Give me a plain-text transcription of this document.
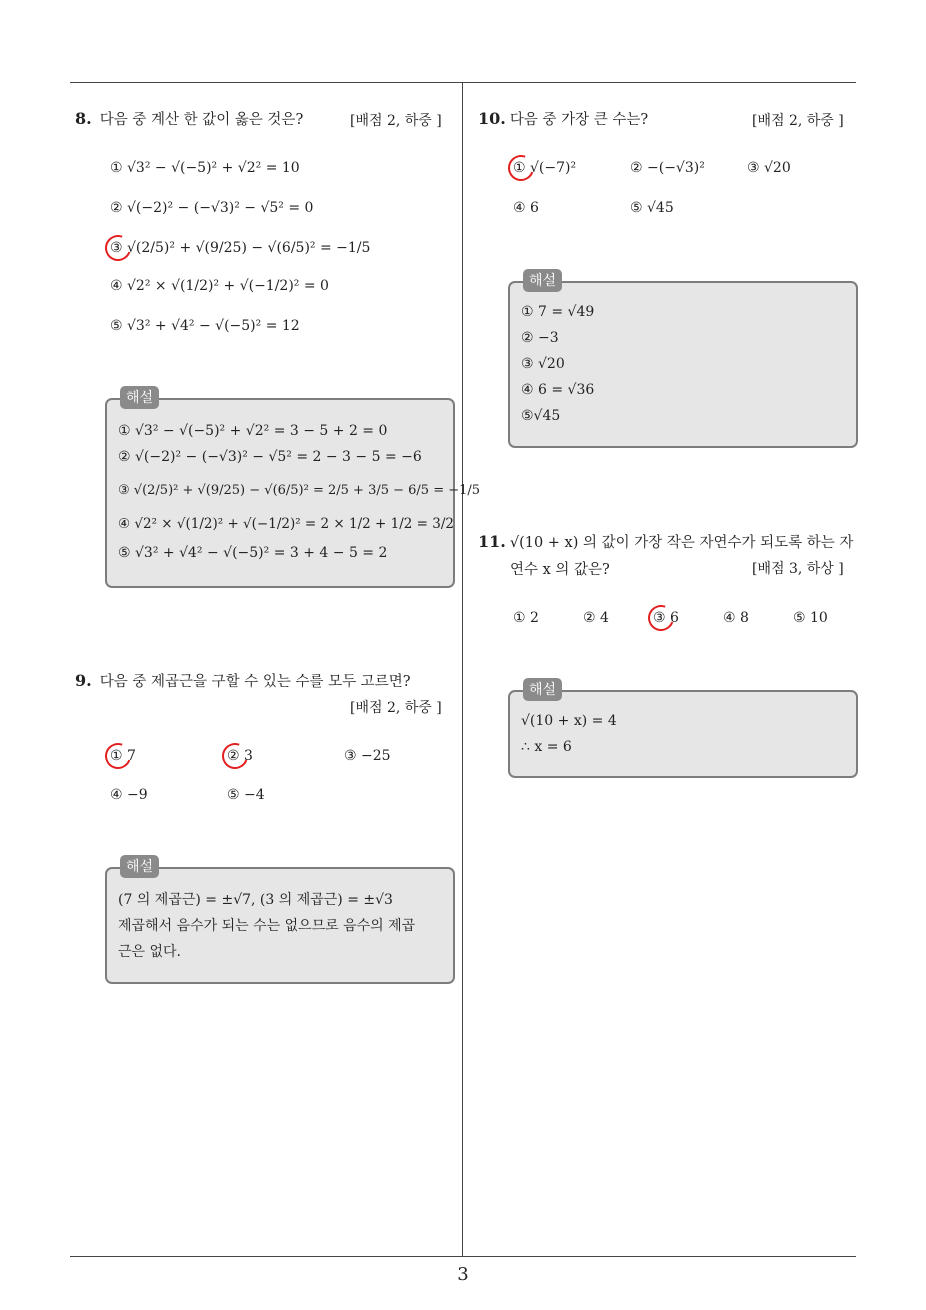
8. 다음 중 계산 한 값이 옳은 것은?	[배점 2, 하중 ]
① √3² − √(−5)² + √2² = 10
② √(−2)² − (−√3)² − √5² = 0
③ √(2/5)² + √(9/25) − √(6/5)² = −1/5
④ √2² × √(1/2)² + √(−1/2)² = 0
⑤ √3² + √4² − √(−5)² = 12
해설
① √3² − √(−5)² + √2² = 3 − 5 + 2 = 0
② √(−2)² − (−√3)² − √5² = 2 − 3 − 5 = −6
③ √(2/5)² + √(9/25) − √(6/5)² = 2/5 + 3/5 − 6/5 = −1/5
④ √2² × √(1/2)² + √(−1/2)² = 2 × 1/2 + 1/2 = 3/2
⑤ √3² + √4² − √(−5)² = 3 + 4 − 5 = 2
9. 다음 중 제곱근을 구할 수 있는 수를 모두 고르면?
[배점 2, 하중 ]
① 7	② 3	③ −25
④ −9	⑤ −4
해설
(7 의 제곱근) = ±√7, (3 의 제곱근) = ±√3
제곱해서 음수가 되는 수는 없으므로 음수의 제곱
근은 없다.
10. 다음 중 가장 큰 수는?	[배점 2, 하중 ]
① √(−7)²	② −(−√3)²	③ √20
④ 6	⑤ √45
해설
① 7 = √49
② −3
③ √20
④ 6 = √36
⑤√45
11. √(10 + x) 의 값이 가장 작은 자연수가 되도록 하는 자
연수 x 의 값은?	[배점 3, 하상 ]
① 2	② 4	③ 6	④ 8	⑤ 10
해설
√(10 + x) = 4
∴ x = 6
3
